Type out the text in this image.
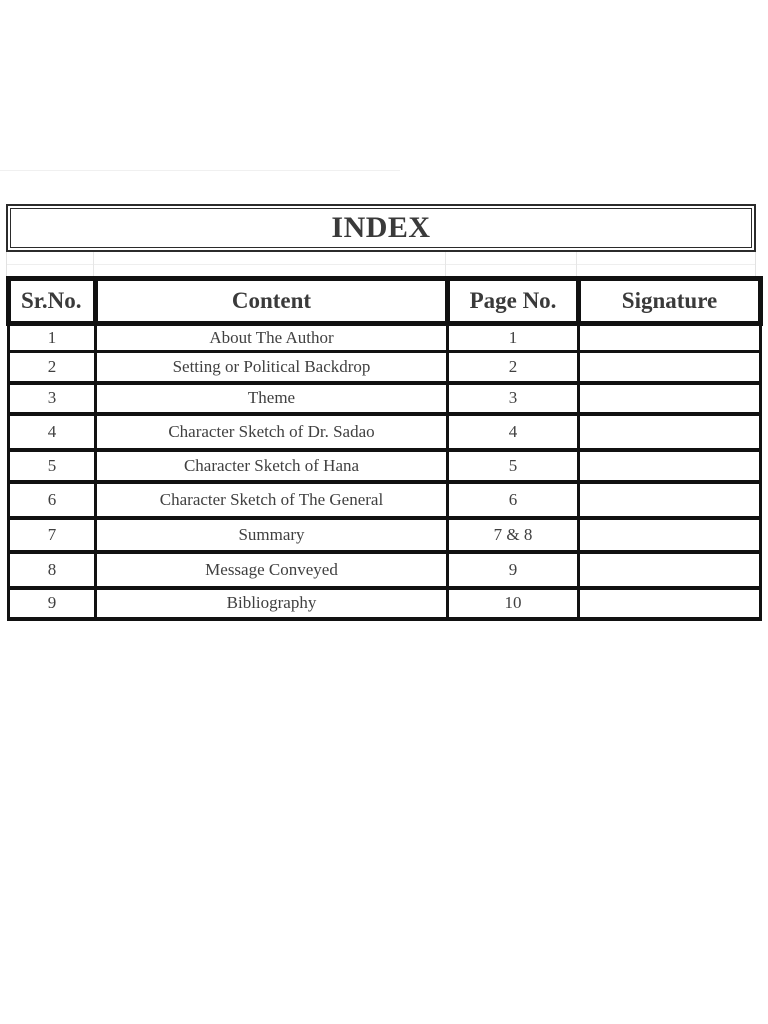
INDEX
Sr.No.	Content	Page No.	Signature
1	About The Author	1	
2	Setting or Political Backdrop	2	
3	Theme	3	
4	Character Sketch of Dr. Sadao	4	
5	Character Sketch of Hana	5	
6	Character Sketch of The General	6	
7	Summary	7 & 8	
8	Message Conveyed	9	
9	Bibliography	10	
